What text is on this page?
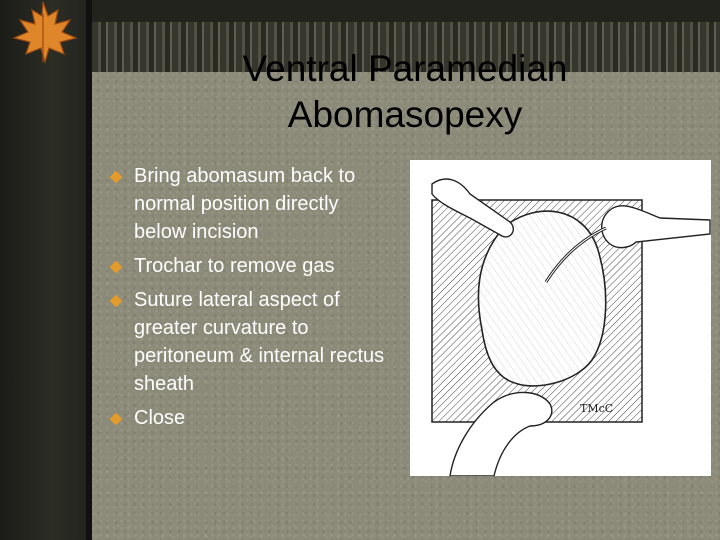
Ventral Paramedian
Abomasopexy
Bring abomasum back to normal position directly below incision
Trochar to remove gas
Suture lateral aspect of greater curvature to peritoneum & internal rectus sheath
Close	TMcC
